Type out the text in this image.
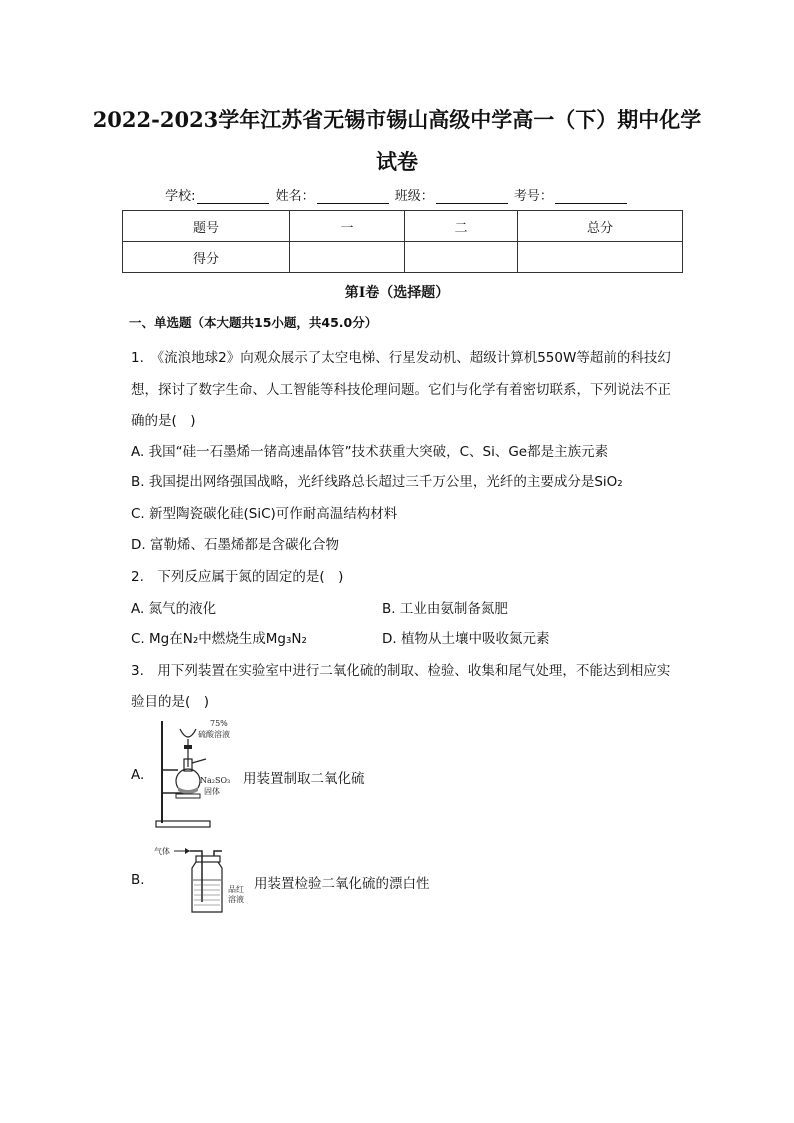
2022-2023学年江苏省无锡市锡山高级中学高一（下）期中化学
试卷
学校:	姓名：	班级：	考号：
题号	一	二	总分
得分			
第I卷（选择题）
一、单选题（本大题共15小题，共45.0分）
1.　《流浪地球2》向观众展示了太空电梯、行星发动机、超级计算机550W等超前的科技幻
想，探讨了数字生命、人工智能等科技伦理问题。它们与化学有着密切联系，下列说法不正
确的是(　)
A. 我国“硅一石墨烯一锗高速晶体管”技术获重大突破，C、Si、Ge都是主族元素
B. 我国提出网络强国战略，光纤线路总长超过三千万公里，光纤的主要成分是SiO₂
C. 新型陶瓷碳化硅(SiC)可作耐高温结构材料
D. 富勒烯、石墨烯都是含碳化合物
2.　下列反应属于氮的固定的是(　)
A. 氮气的液化	B. 工业由氨制备氮肥
C. Mg在N₂中燃烧生成Mg₃N₂	D. 植物从土壤中吸收氮元素
3.　用下列装置在实验室中进行二氧化硫的制取、检验、收集和尾气处理，不能达到相应实
验目的是(　)
A.
75%
硫酸溶液
Na₂SO₃
固体
用装置制取二氧化硫
B.
气体
品红
溶液
用装置检验二氧化硫的漂白性
